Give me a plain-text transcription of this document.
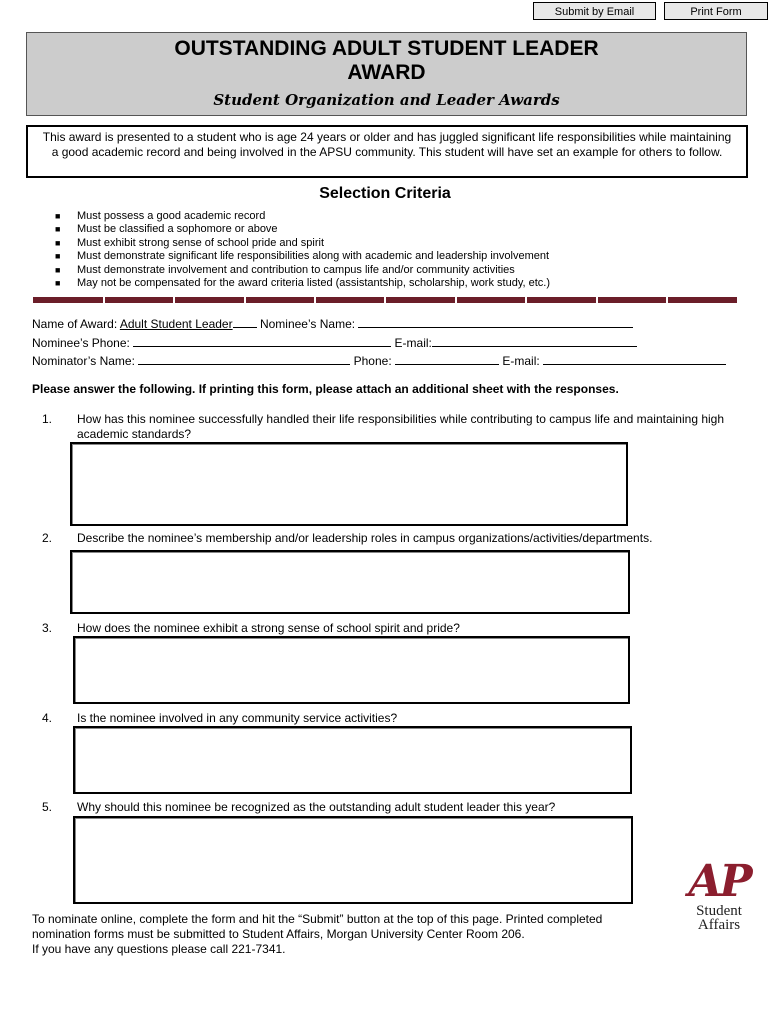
Submit by Email	Print Form
OUTSTANDING ADULT STUDENT LEADER
AWARD
Student Organization and Leader Awards
This award is presented to a student who is age 24 years or older and has juggled significant life responsibilities while maintaining a good academic record and being involved in the APSU community. This student will have set an example for others to follow.
Selection Criteria
■ Must possess a good academic record
■ Must be classified a sophomore or above
■ Must exhibit strong sense of school pride and spirit
■ Must demonstrate significant life responsibilities along with academic and leadership involvement
■ Must demonstrate involvement and contribution to campus life and/or community activities
■ May not be compensated for the award criteria listed (assistantship, scholarship, work study, etc.)
Name of Award: Adult Student Leader Nominee’s Name:
Nominee’s Phone:	E-mail:
Nominator’s Name:	Phone:	E-mail:
Please answer the following. If printing this form, please attach an additional sheet with the responses.
1. How has this nominee successfully handled their life responsibilities while contributing to campus life and maintaining high academic standards?
2. Describe the nominee’s membership and/or leadership roles in campus organizations/activities/departments.
3. How does the nominee exhibit a strong sense of school spirit and pride?
4. Is the nominee involved in any community service activities?
5. Why should this nominee be recognized as the outstanding adult student leader this year?
To nominate online, complete the form and hit the “Submit” button at the top of this page. Printed completed nomination forms must be submitted to Student Affairs, Morgan University Center Room 206.
If you have any questions please call 221-7341.
AP
Student
Affairs
